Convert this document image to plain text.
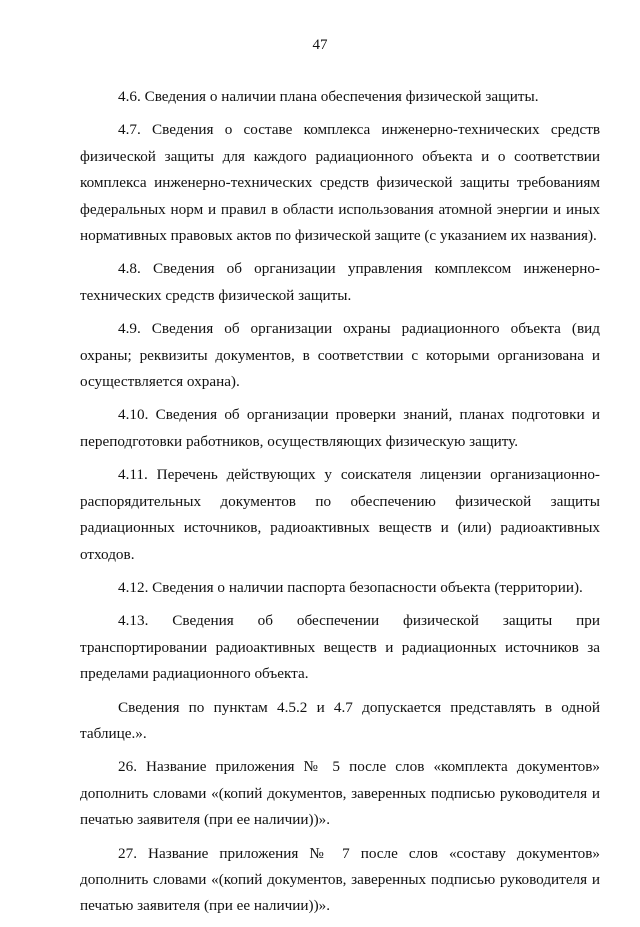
47

4.6. Сведения о наличии плана обеспечения физической защиты.

4.7. Сведения о составе комплекса инженерно-технических средств физической защиты для каждого радиационного объекта и о соответствии комплекса инженерно-технических средств физической защиты требованиям федеральных норм и правил в области использования атомной энергии и иных нормативных правовых актов по физической защите (с указанием их названия).

4.8. Сведения об организации управления комплексом инженерно-технических средств физической защиты.

4.9. Сведения об организации охраны радиационного объекта (вид охраны; реквизиты документов, в соответствии с которыми организована и осуществляется охрана).

4.10. Сведения об организации проверки знаний, планах подготовки и переподготовки работников, осуществляющих физическую защиту.

4.11. Перечень действующих у соискателя лицензии организационно-распорядительных документов по обеспечению физической защиты радиационных источников, радиоактивных веществ и (или) радиоактивных отходов.

4.12. Сведения о наличии паспорта безопасности объекта (территории).

4.13. Сведения об обеспечении физической защиты при транспортировании радиоактивных веществ и радиационных источников за пределами радиационного объекта.

Сведения по пунктам 4.5.2 и 4.7 допускается представлять в одной таблице.».

26. Название приложения № 5 после слов «комплекта документов» дополнить словами «(копий документов, заверенных подписью руководителя и печатью заявителя (при ее наличии))».

27. Название приложения № 7 после слов «составу документов» дополнить словами «(копий документов, заверенных подписью руководителя и печатью заявителя (при ее наличии))».
